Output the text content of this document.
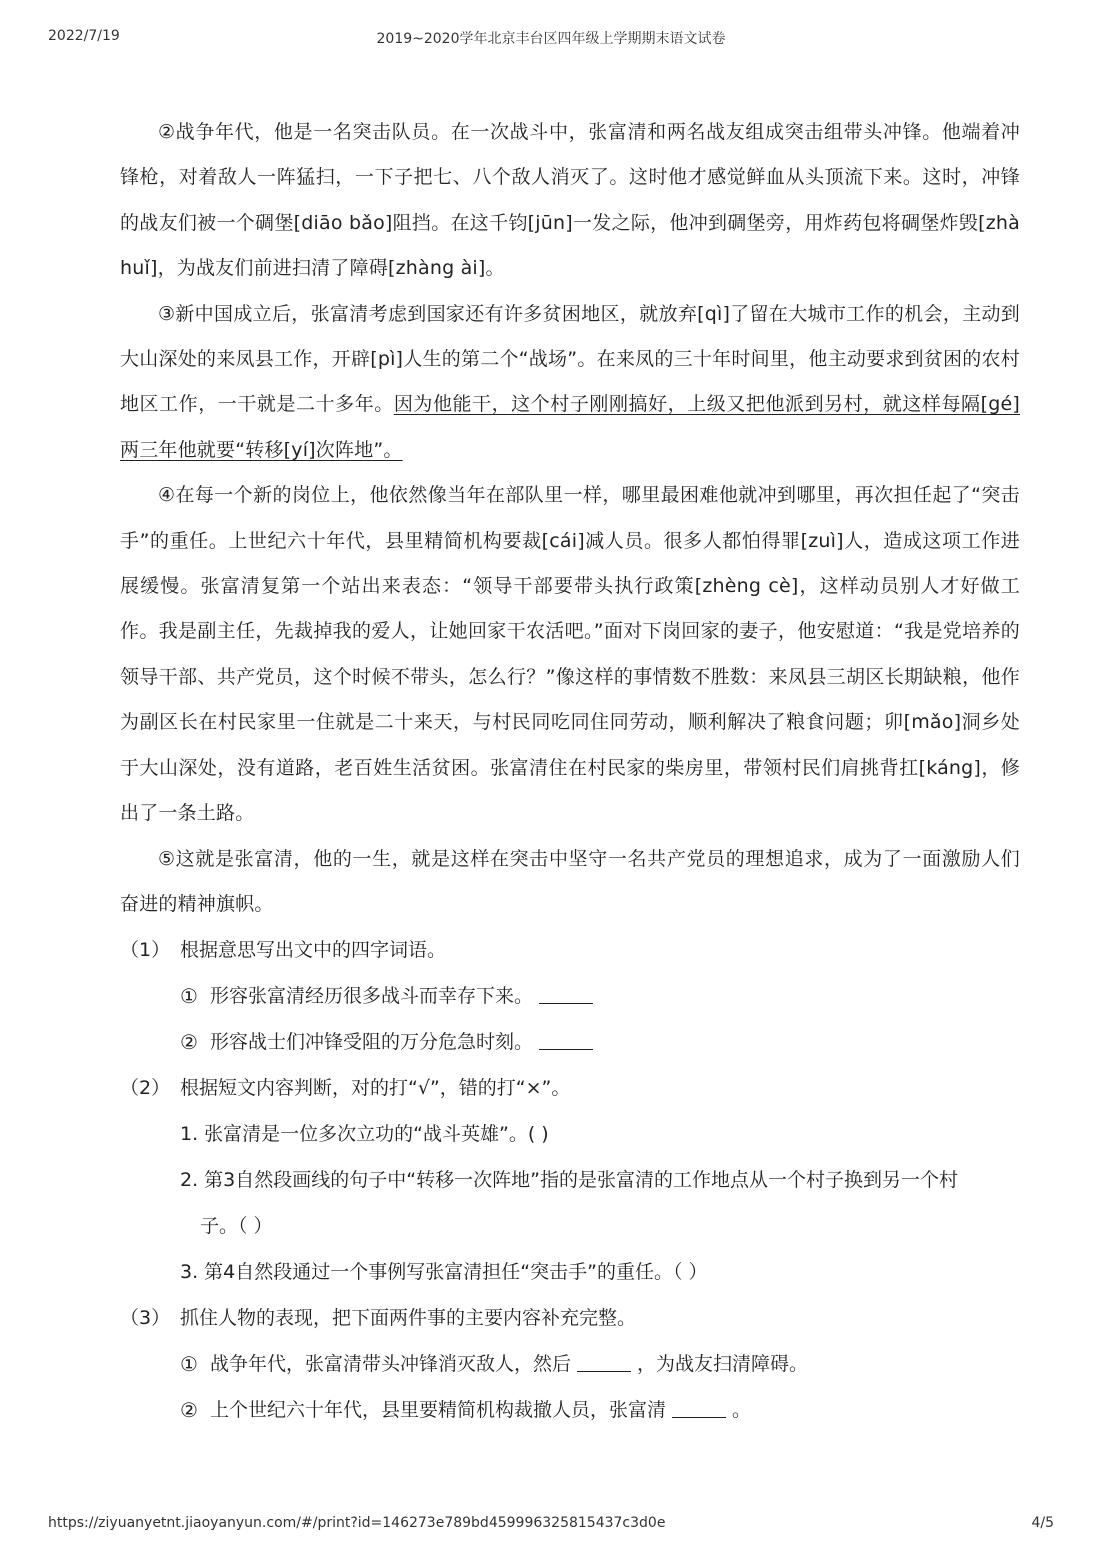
2022/7/19	2019~2020学年北京丰台区四年级上学期期末语文试卷

②战争年代，他是一名突击队员。在一次战斗中，张富清和两名战友组成突击组带头冲锋。他端着冲锋枪，对着敌人一阵猛扫，一下子把七、八个敌人消灭了。这时他才感觉鲜血从头顶流下来。这时，冲锋的战友们被一个碉堡[diāo bǎo]阻挡。在这千钧[jūn]一发之际，他冲到碉堡旁，用炸药包将碉堡炸毁[zhà huǐ]，为战友们前进扫清了障碍[zhàng ài]。

③新中国成立后，张富清考虑到国家还有许多贫困地区，就放弃[qì]了留在大城市工作的机会，主动到大山深处的来凤县工作，开辟[pì]人生的第二个“战场”。在来凤的三十年时间里，他主动要求到贫困的农村地区工作，一干就是二十多年。因为他能干，这个村子刚刚搞好，上级又把他派到另村，就这样每隔[gé]两三年他就要“转移[yí]次阵地”。

④在每一个新的岗位上，他依然像当年在部队里一样，哪里最困难他就冲到哪里，再次担任起了“突击手”的重任。上世纪六十年代，县里精简机构要裁[cái]减人员。很多人都怕得罪[zuì]人，造成这项工作进展缓慢。张富清复第一个站出来表态：“领导干部要带头执行政策[zhèng cè]，这样动员别人才好做工作。我是副主任，先裁掉我的爱人，让她回家干农活吧。”面对下岗回家的妻子，他安慰道：“我是党培养的领导干部、共产党员，这个时候不带头，怎么行？”像这样的事情数不胜数：来凤县三胡区长期缺粮，他作为副区长在村民家里一住就是二十来天，与村民同吃同住同劳动，顺利解决了粮食问题；卯[mǎo]洞乡处于大山深处，没有道路，老百姓生活贫困。张富清住在村民家的柴房里，带领村民们肩挑背扛[káng]，修出了一条土路。

⑤这就是张富清，他的一生，就是这样在突击中坚守一名共产党员的理想追求，成为了一面激励人们奋进的精神旗帜。

（1） 根据意思写出文中的四字词语。
① 形容张富清经历很多战斗而幸存下来。
② 形容战士们冲锋受阻的万分危急时刻。
（2） 根据短文内容判断，对的打“√”，错的打“×”。
1. 张富清是一位多次立功的“战斗英雄”。( )
2. 第3自然段画线的句子中“转移一次阵地”指的是张富清的工作地点从一个村子换到另一个村
子。（ ）
3. 第4自然段通过一个事例写张富清担任“突击手”的重任。（ ）
（3） 抓住人物的表现，把下面两件事的主要内容补充完整。
① 战争年代，张富清带头冲锋消灭敌人，然后	，为战友扫清障碍。
② 上个世纪六十年代，县里要精简机构裁撤人员，张富清	。
https://ziyuanyetnt.jiaoyanyun.com/#/print?id=146273e789bd459996325815437c3d0e	4/5
